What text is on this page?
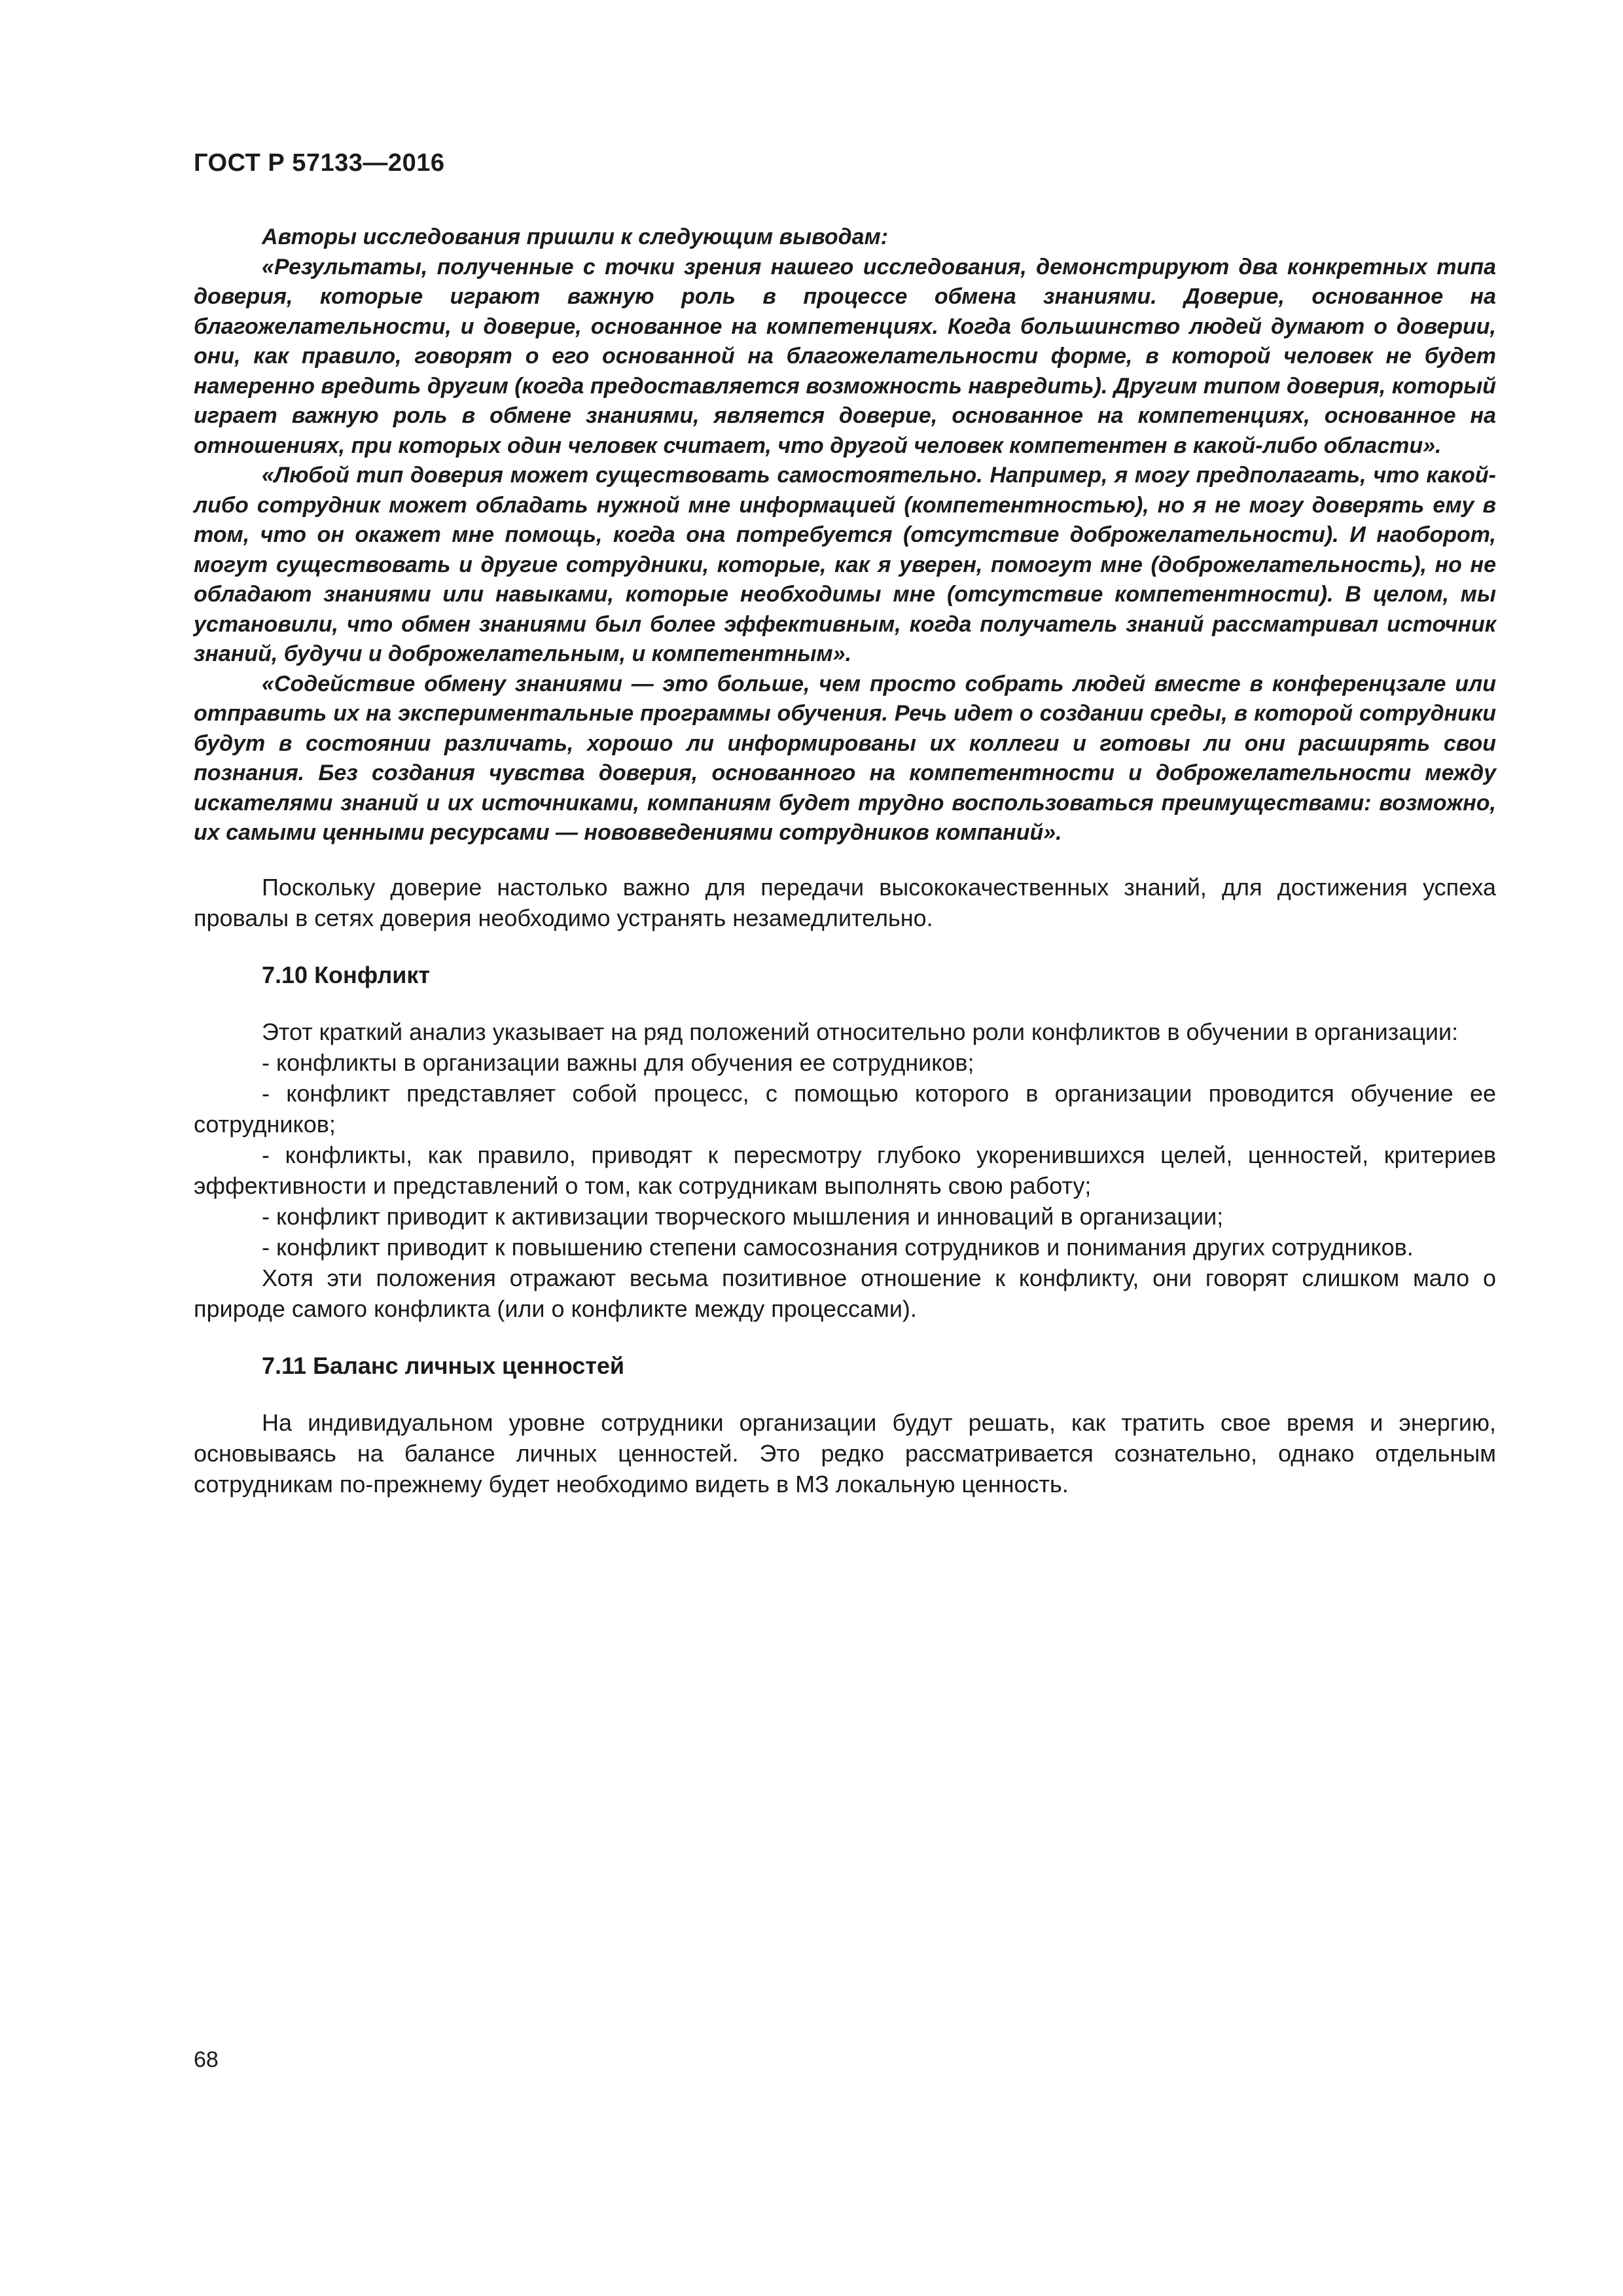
ГОСТ Р 57133—2016

Авторы исследования пришли к следующим выводам:

«Результаты, полученные с точки зрения нашего исследования, демонстрируют два конкретных типа доверия, которые играют важную роль в процессе обмена знаниями. Доверие, основанное на благожелательности, и доверие, основанное на компетенциях. Когда большинство людей думают о доверии, они, как правило, говорят о его основанной на благожелательности форме, в которой человек не будет намеренно вредить другим (когда предоставляется возможность навредить). Другим типом доверия, который играет важную роль в обмене знаниями, является доверие, основанное на компетенциях, основанное на отношениях, при которых один человек считает, что другой человек компетентен в какой-либо области».

«Любой тип доверия может существовать самостоятельно. Например, я могу предполагать, что какой-либо сотрудник может обладать нужной мне информацией (компетентностью), но я не могу доверять ему в том, что он окажет мне помощь, когда она потребуется (отсутствие доброжелательности). И наоборот, могут существовать и другие сотрудники, которые, как я уверен, помогут мне (доброжелательность), но не обладают знаниями или навыками, которые необходимы мне (отсутствие компетентности). В целом, мы установили, что обмен знаниями был более эффективным, когда получатель знаний рассматривал источник знаний, будучи и доброжелательным, и компетентным».

«Содействие обмену знаниями — это больше, чем просто собрать людей вместе в конференцзале или отправить их на экспериментальные программы обучения. Речь идет о создании среды, в которой сотрудники будут в состоянии различать, хорошо ли информированы их коллеги и готовы ли они расширять свои познания. Без создания чувства доверия, основанного на компетентности и доброжелательности между искателями знаний и их источниками, компаниям будет трудно воспользоваться преимуществами: возможно, их самыми ценными ресурсами — нововведениями сотрудников компаний».

Поскольку доверие настолько важно для передачи высококачественных знаний, для достижения успеха провалы в сетях доверия необходимо устранять незамедлительно.

7.10 Конфликт

Этот краткий анализ указывает на ряд положений относительно роли конфликтов в обучении в организации:

- конфликты в организации важны для обучения ее сотрудников;

- конфликт представляет собой процесс, с помощью которого в организации проводится обучение ее сотрудников;

- конфликты, как правило, приводят к пересмотру глубоко укоренившихся целей, ценностей, критериев эффективности и представлений о том, как сотрудникам выполнять свою работу;

- конфликт приводит к активизации творческого мышления и инноваций в организации;

- конфликт приводит к повышению степени самосознания сотрудников и понимания других сотрудников.

Хотя эти положения отражают весьма позитивное отношение к конфликту, они говорят слишком мало о природе самого конфликта (или о конфликте между процессами).

7.11 Баланс личных ценностей

На индивидуальном уровне сотрудники организации будут решать, как тратить свое время и энергию, основываясь на балансе личных ценностей. Это редко рассматривается сознательно, однако отдельным сотрудникам по-прежнему будет необходимо видеть в МЗ локальную ценность.

68
